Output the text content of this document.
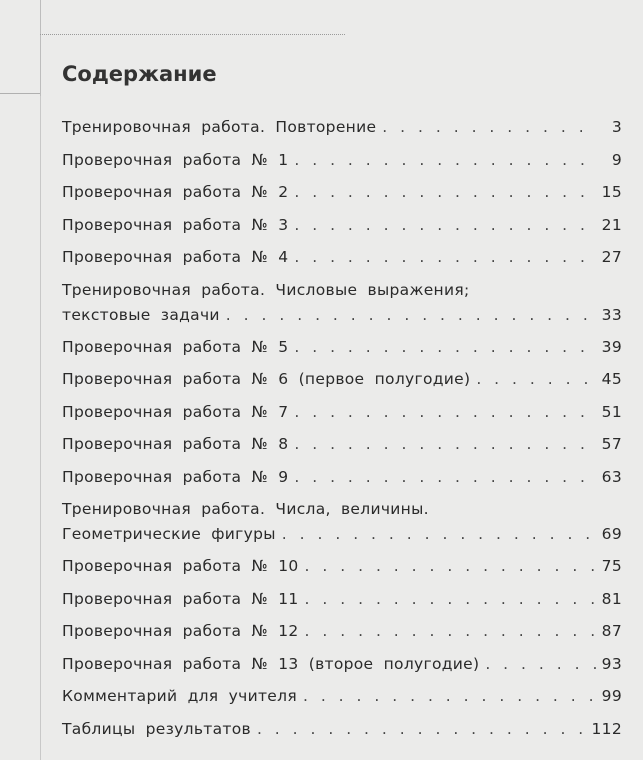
Содержание
Тренировочная работа. Повторение . . .	3
Проверочная работа № 1 . . .	9
Проверочная работа № 2 . . .	15
Проверочная работа № 3 . . .	21
Проверочная работа № 4 . . .	27
Тренировочная работа. Числовые выражения;
текстовые задачи . . .	33
Проверочная работа № 5 . . .	39
Проверочная работа № 6 (первое полугодие) . . .	45
Проверочная работа № 7 . . .	51
Проверочная работа № 8 . . .	57
Проверочная работа № 9 . . .	63
Тренировочная работа. Числа, величины.
Геометрические фигуры . . .	69
Проверочная работа № 10 . . .	75
Проверочная работа № 11 . . .	81
Проверочная работа № 12 . . .	87
Проверочная работа № 13 (второе полугодие) . . .	93
Комментарий для учителя . . .	99
Таблицы результатов . . .	112
